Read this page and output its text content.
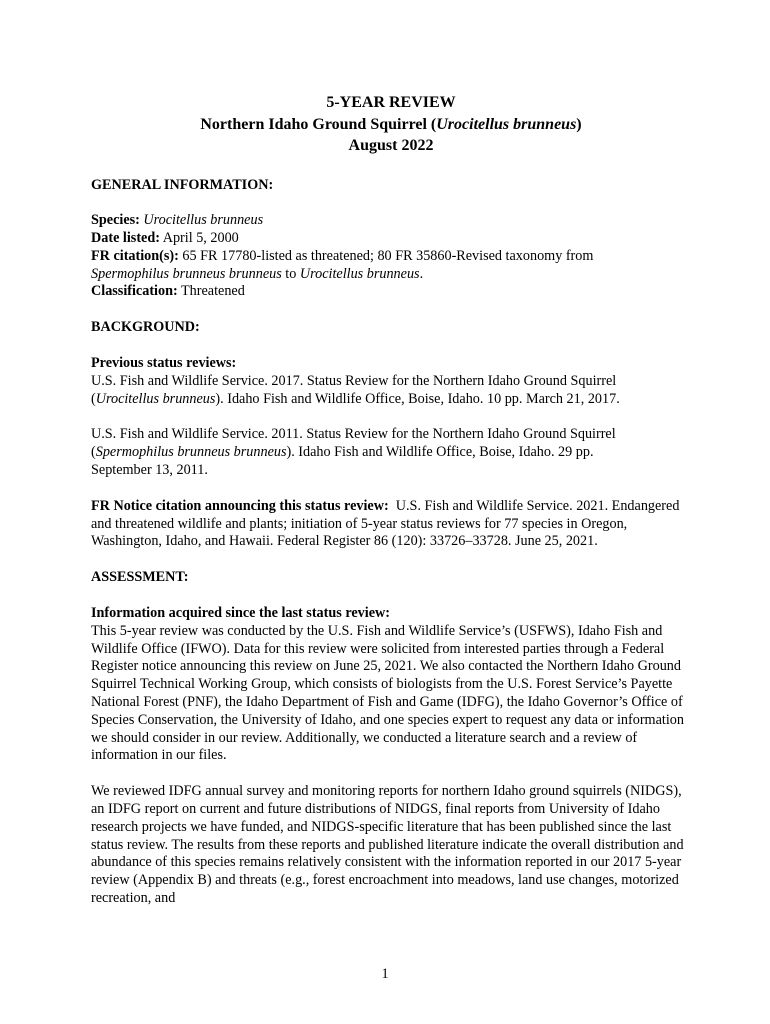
5-YEAR REVIEW

Northern Idaho Ground Squirrel (Urocitellus brunneus)

August 2022

GENERAL INFORMATION:

Species: Urocitellus brunneus

Date listed: April 5, 2000

FR citation(s): 65 FR 17780-listed as threatened; 80 FR 35860-Revised taxonomy from
Spermophilus brunneus brunneus to Urocitellus brunneus.

Classification: Threatened

BACKGROUND:

Previous status reviews:

U.S. Fish and Wildlife Service. 2017. Status Review for the Northern Idaho Ground Squirrel
(Urocitellus brunneus). Idaho Fish and Wildlife Office, Boise, Idaho. 10 pp. March 21, 2017.

U.S. Fish and Wildlife Service. 2011. Status Review for the Northern Idaho Ground Squirrel
(Spermophilus brunneus brunneus). Idaho Fish and Wildlife Office, Boise, Idaho. 29 pp.
September 13, 2011.

FR Notice citation announcing this status review:  U.S. Fish and Wildlife Service. 2021. Endangered and threatened wildlife and plants; initiation of 5-year status reviews for 77 species in Oregon, Washington, Idaho, and Hawaii. Federal Register 86 (120): 33726–33728. June 25, 2021.

ASSESSMENT:

Information acquired since the last status review:

This 5-year review was conducted by the U.S. Fish and Wildlife Service’s (USFWS), Idaho Fish and Wildlife Office (IFWO). Data for this review were solicited from interested parties through a Federal Register notice announcing this review on June 25, 2021. We also contacted the Northern Idaho Ground Squirrel Technical Working Group, which consists of biologists from the U.S. Forest Service’s Payette National Forest (PNF), the Idaho Department of Fish and Game (IDFG), the Idaho Governor’s Office of Species Conservation, the University of Idaho, and one species expert to request any data or information we should consider in our review. Additionally, we conducted a literature search and a review of information in our files.

We reviewed IDFG annual survey and monitoring reports for northern Idaho ground squirrels (NIDGS), an IDFG report on current and future distributions of NIDGS, final reports from University of Idaho research projects we have funded, and NIDGS-specific literature that has been published since the last status review. The results from these reports and published literature indicate the overall distribution and abundance of this species remains relatively consistent with the information reported in our 2017 5-year review (Appendix B) and threats (e.g., forest encroachment into meadows, land use changes, motorized recreation, and

1
